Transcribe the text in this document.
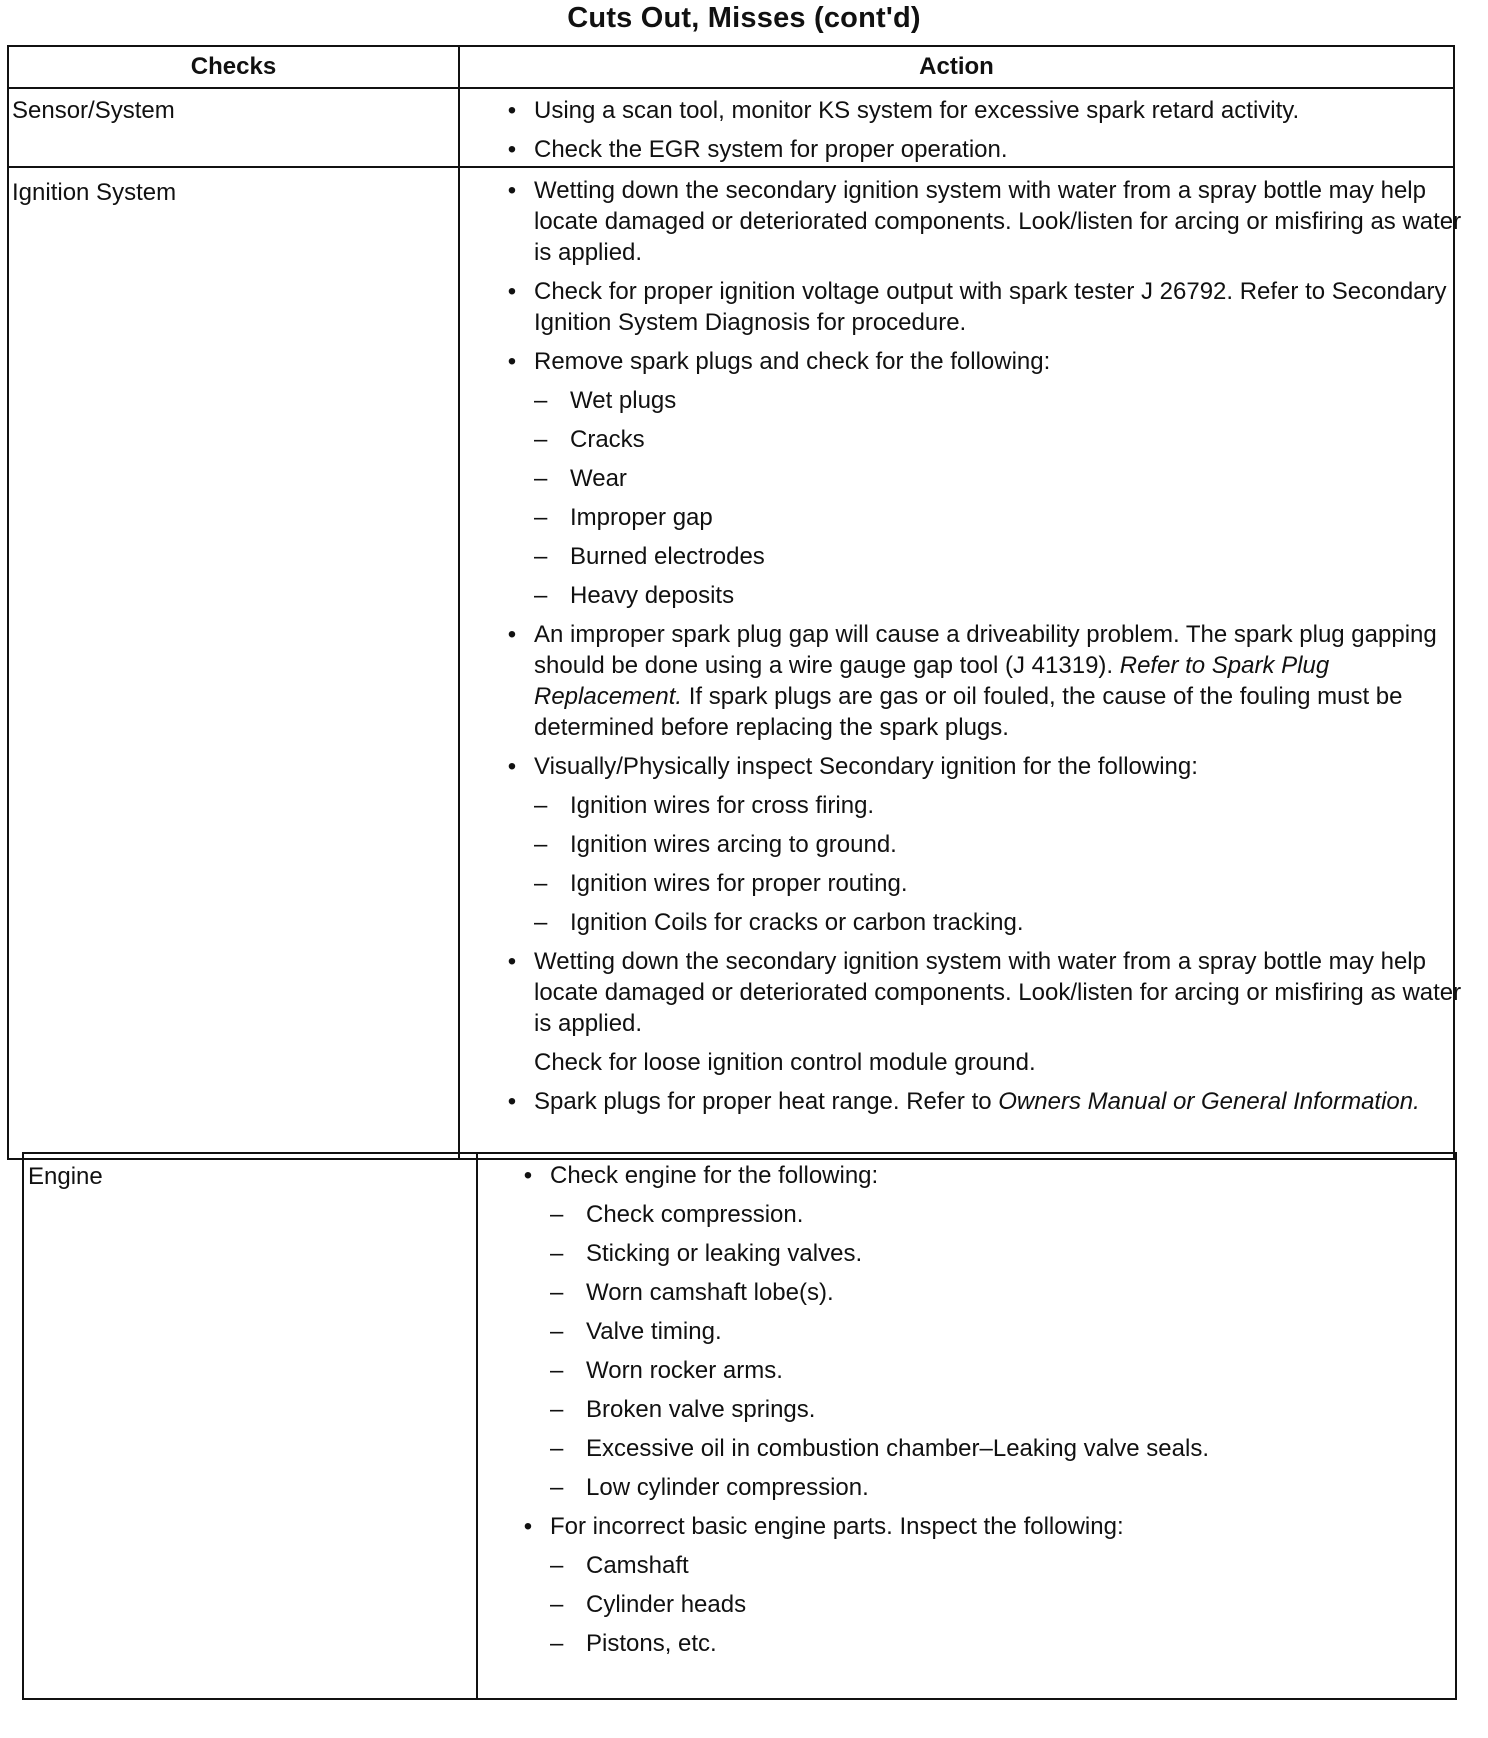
Cuts Out, Misses (cont'd)
Checks	Action
Sensor/System
Ignition System
Engine
• Using a scan tool, monitor KS system for excessive spark retard activity.
• Check the EGR system for proper operation.
• Wetting down the secondary ignition system with water from a spray bottle may help locate damaged or deteriorated components. Look/listen for arcing or misfiring as water is applied.
• Check for proper ignition voltage output with spark tester J 26792. Refer to Secondary Ignition System Diagnosis for procedure.
• Remove spark plugs and check for the following:
– Wet plugs
– Cracks
– Wear
– Improper gap
– Burned electrodes
– Heavy deposits
• An improper spark plug gap will cause a driveability problem. The spark plug gapping should be done using a wire gauge gap tool (J 41319). Refer to Spark Plug Replacement. If spark plugs are gas or oil fouled, the cause of the fouling must be determined before replacing the spark plugs.
• Visually/Physically inspect Secondary ignition for the following:
– Ignition wires for cross firing.
– Ignition wires arcing to ground.
– Ignition wires for proper routing.
– Ignition Coils for cracks or carbon tracking.
• Wetting down the secondary ignition system with water from a spray bottle may help locate damaged or deteriorated components. Look/listen for arcing or misfiring as water is applied.
Check for loose ignition control module ground.
• Spark plugs for proper heat range. Refer to Owners Manual or General Information.
• Check engine for the following:
– Check compression.
– Sticking or leaking valves.
– Worn camshaft lobe(s).
– Valve timing.
– Worn rocker arms.
– Broken valve springs.
– Excessive oil in combustion chamber–Leaking valve seals.
– Low cylinder compression.
• For incorrect basic engine parts. Inspect the following:
– Camshaft
– Cylinder heads
– Pistons, etc.
